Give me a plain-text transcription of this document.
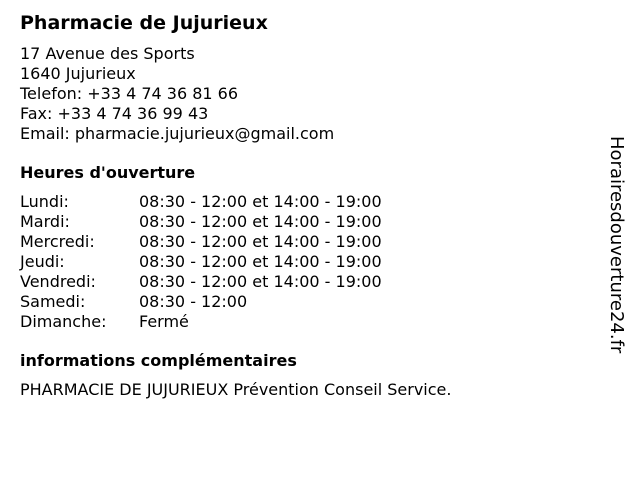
Pharmacie de Jujurieux
17 Avenue des Sports
1640 Jujurieux
Telefon: +33 4 74 36 81 66
Fax: +33 4 74 36 99 43
Email: pharmacie.jujurieux@gmail.com
Heures d'ouverture
Lundi:	08:30 - 12:00 et 14:00 - 19:00
Mardi:	08:30 - 12:00 et 14:00 - 19:00
Mercredi:	08:30 - 12:00 et 14:00 - 19:00
Jeudi:	08:30 - 12:00 et 14:00 - 19:00
Vendredi:	08:30 - 12:00 et 14:00 - 19:00
Samedi:	08:30 - 12:00
Dimanche:	Fermé
informations complémentaires
PHARMACIE DE JUJURIEUX Prévention Conseil Service.
Horairesdouverture24.fr
